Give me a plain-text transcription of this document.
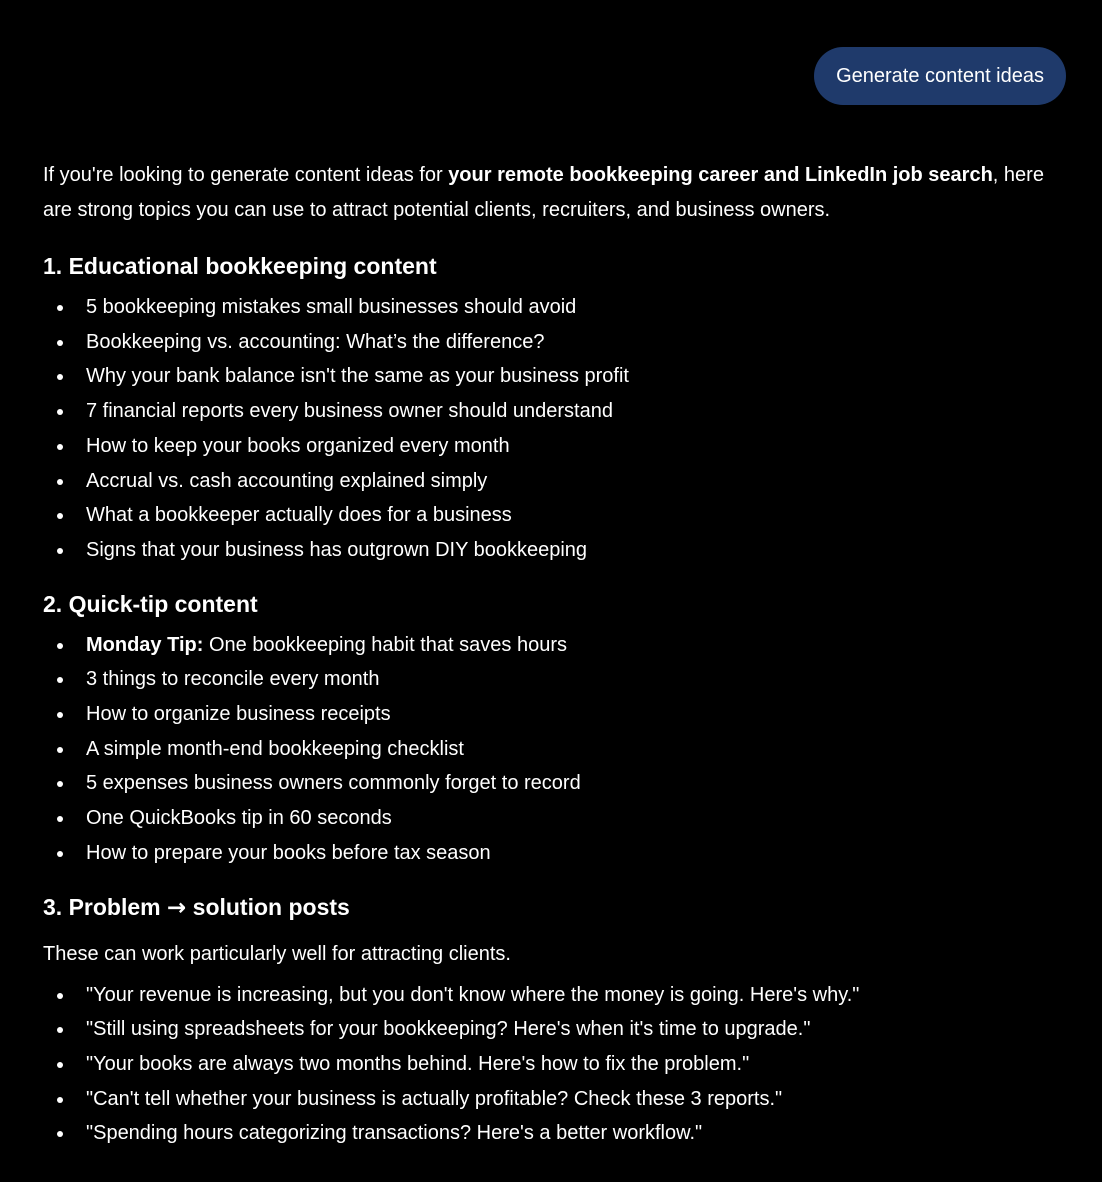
Generate content ideas

If you're looking to generate content ideas for your remote bookkeeping career and LinkedIn job search, here are strong topics you can use to attract potential clients, recruiters, and business owners.

1. Educational bookkeeping content
5 bookkeeping mistakes small businesses should avoid
Bookkeeping vs. accounting: What’s the difference?
Why your bank balance isn't the same as your business profit
7 financial reports every business owner should understand
How to keep your books organized every month
Accrual vs. cash accounting explained simply
What a bookkeeper actually does for a business
Signs that your business has outgrown DIY bookkeeping
2. Quick-tip content
Monday Tip: One bookkeeping habit that saves hours
3 things to reconcile every month
How to organize business receipts
A simple month-end bookkeeping checklist
5 expenses business owners commonly forget to record
One QuickBooks tip in 60 seconds
How to prepare your books before tax season
3. Problem → solution posts

These can work particularly well for attracting clients.

"Your revenue is increasing, but you don't know where the money is going. Here's why."
"Still using spreadsheets for your bookkeeping? Here's when it's time to upgrade."
"Your books are always two months behind. Here's how to fix the problem."
"Can't tell whether your business is actually profitable? Check these 3 reports."
"Spending hours categorizing transactions? Here's a better workflow."
